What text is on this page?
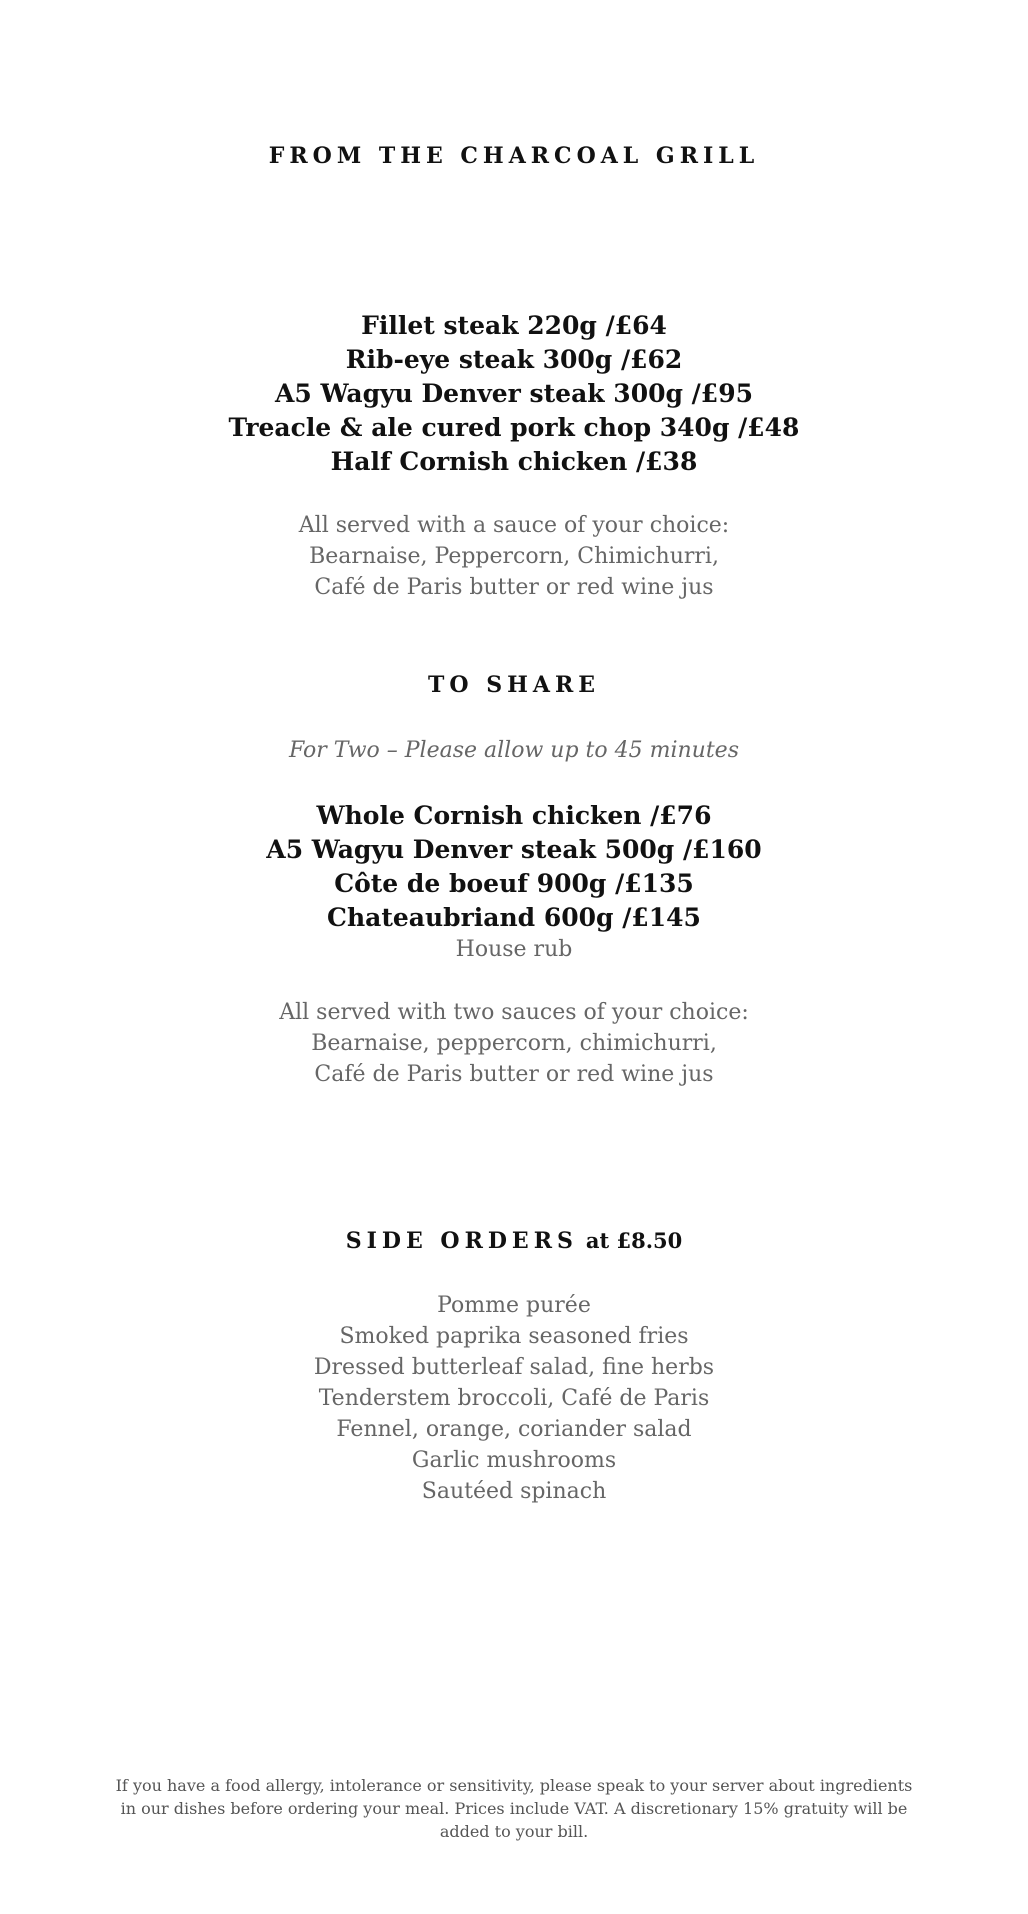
FROM THE CHARCOAL GRILL
Fillet steak 220g /£64
Rib-eye steak 300g /£62
A5 Wagyu Denver steak 300g /£95
Treacle & ale cured pork chop 340g /£48
Half Cornish chicken /£38
All served with a sauce of your choice:
Bearnaise, Peppercorn, Chimichurri,
Café de Paris butter or red wine jus
TO SHARE
For Two – Please allow up to 45 minutes
Whole Cornish chicken /£76
A5 Wagyu Denver steak 500g /£160
Côte de boeuf 900g /£135
Chateaubriand 600g /£145
House rub
All served with two sauces of your choice:
Bearnaise, peppercorn, chimichurri,
Café de Paris butter or red wine jus
SIDE ORDERS at £8.50
Pomme purée
Smoked paprika seasoned fries
Dressed butterleaf salad, fine herbs
Tenderstem broccoli, Café de Paris
Fennel, orange, coriander salad
Garlic mushrooms
Sautéed spinach
If you have a food allergy, intolerance or sensitivity, please speak to your server about ingredients in our dishes before ordering your meal. Prices include VAT. A discretionary 15% gratuity will be added to your bill.
